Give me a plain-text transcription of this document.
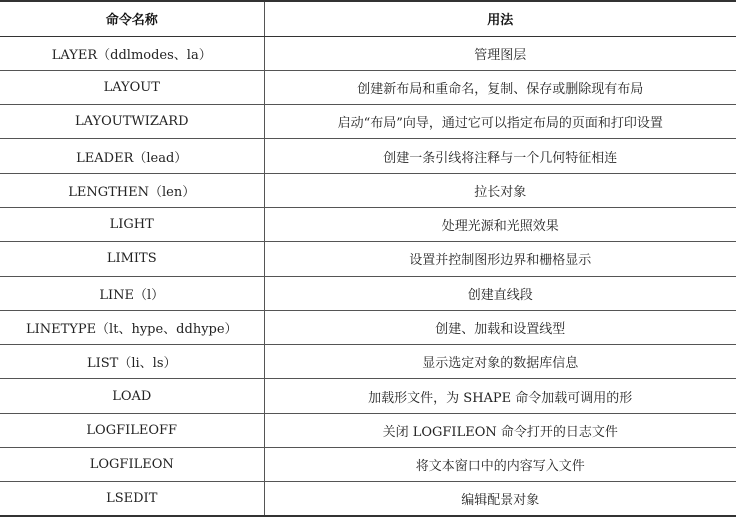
命令名称	用法
LAYER（ddlmodes、la）	管理图层
LAYOUT	创建新布局和重命名，复制、保存或删除现有布局
LAYOUTWIZARD	启动“布局”向导，通过它可以指定布局的页面和打印设置
LEADER（lead）	创建一条引线将注释与一个几何特征相连
LENGTHEN（len）	拉长对象
LIGHT	处理光源和光照效果
LIMITS	设置并控制图形边界和栅格显示
LINE（l）	创建直线段
LINETYPE（lt、hype、ddhype）	创建、加载和设置线型
LIST（li、ls）	显示选定对象的数据库信息
LOAD	加载形文件，为 SHAPE 命令加载可调用的形
LOGFILEOFF	关闭 LOGFILEON 命令打开的日志文件
LOGFILEON	将文本窗口中的内容写入文件
LSEDIT	编辑配景对象
